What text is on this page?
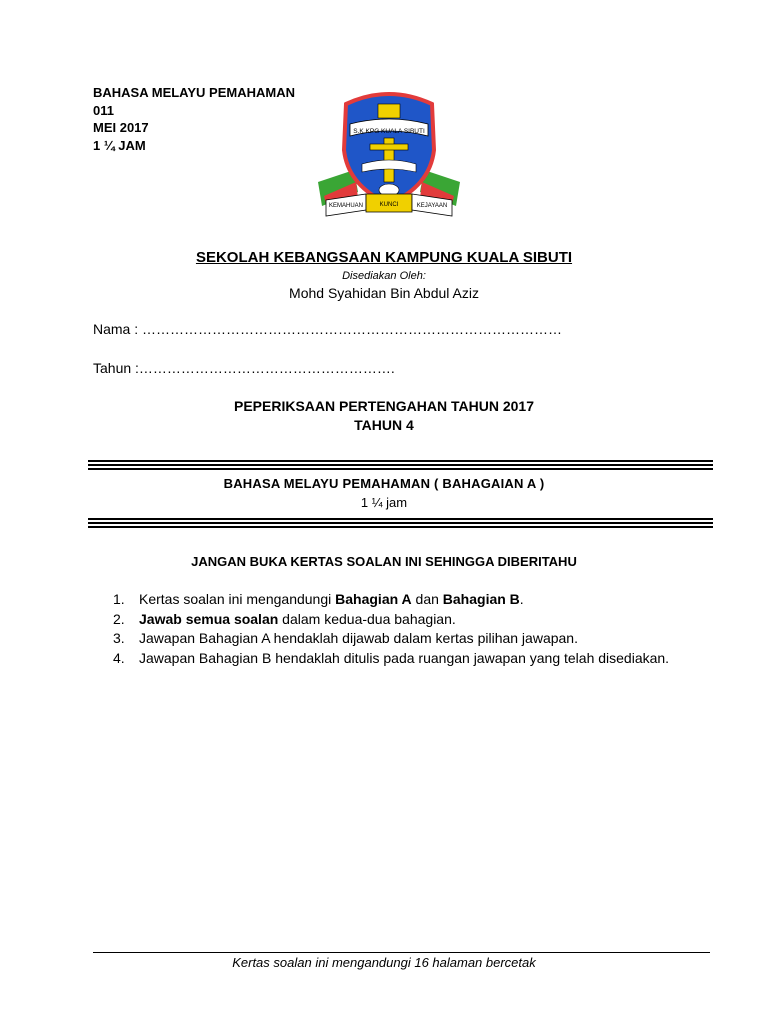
BAHASA MELAYU PEMAHAMAN
011
MEI 2017
1 ¼ JAM
S.K KPG KUALA SIBUTI
KEMAHUAN	KUNCI	KEJAYAAN
SEKOLAH KEBANGSAAN KAMPUNG KUALA SIBUTI
Disediakan Oleh:
Mohd Syahidan Bin Abdul Aziz
Nama : ………………………………………………………………………………
Tahun :……………………………………………….
PEPERIKSAAN PERTENGAHAN TAHUN 2017
TAHUN 4
BAHASA MELAYU PEMAHAMAN ( BAHAGAIAN A )
1 ¼ jam
JANGAN BUKA KERTAS SOALAN INI SEHINGGA DIBERITAHU
1. Kertas soalan ini mengandungi Bahagian A dan Bahagian B.
2. Jawab semua soalan dalam kedua-dua bahagian.
3. Jawapan Bahagian A hendaklah dijawab dalam kertas pilihan jawapan.
4. Jawapan Bahagian B hendaklah ditulis pada ruangan jawapan yang telah disediakan.
Kertas soalan ini mengandungi 16 halaman bercetak
